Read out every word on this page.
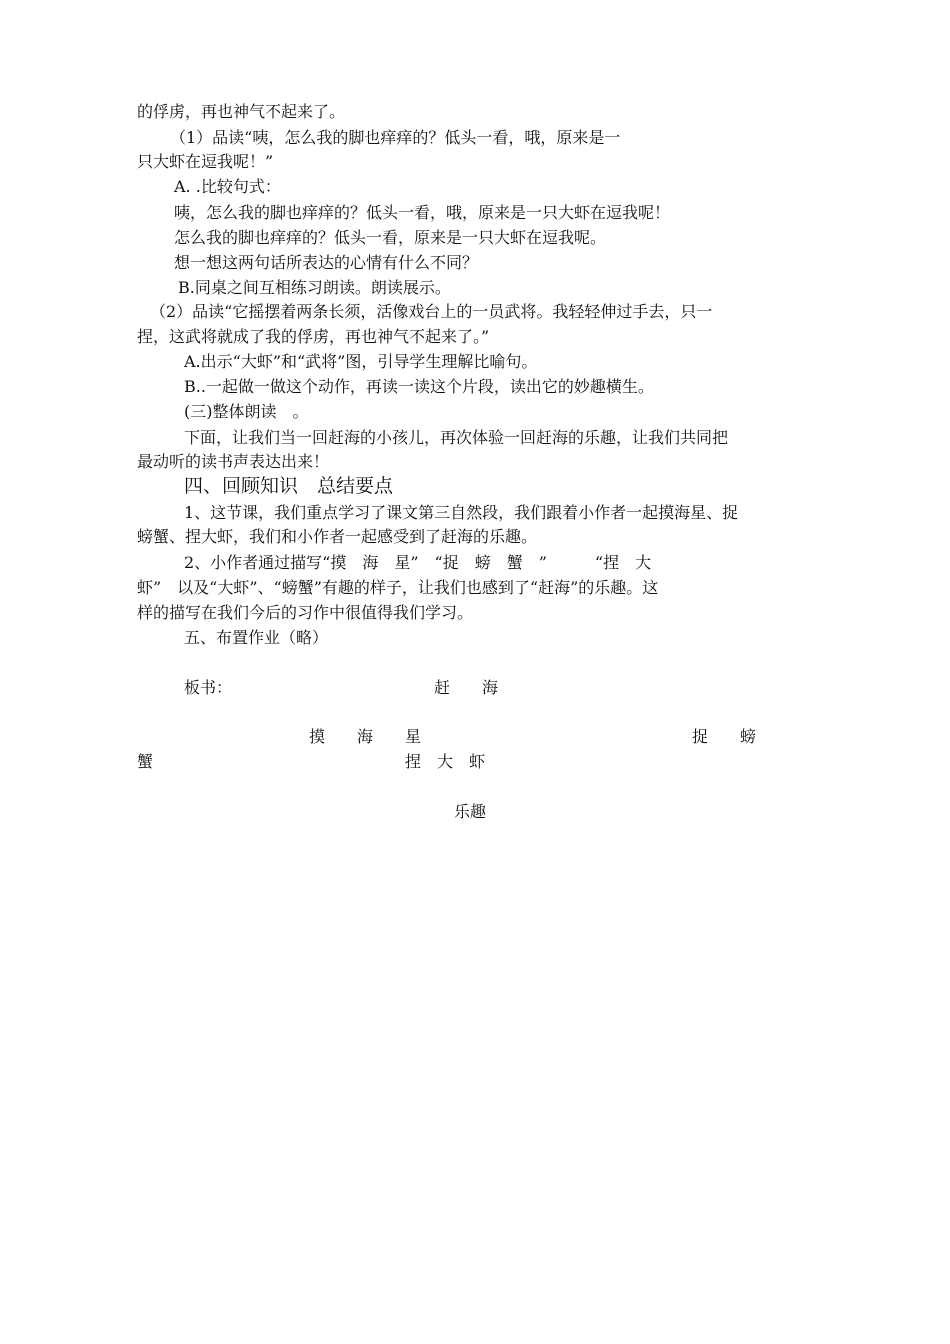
的俘虏，再也神气不起来了。
（1）品读“咦，怎么我的脚也痒痒的？低头一看，哦，原来是一
只大虾在逗我呢！”
A. .比较句式：
咦，怎么我的脚也痒痒的？低头一看，哦，原来是一只大虾在逗我呢！
怎么我的脚也痒痒的？低头一看，原来是一只大虾在逗我呢。
想一想这两句话所表达的心情有什么不同？
B.同桌之间互相练习朗读。朗读展示。
（2）品读“它摇摆着两条长须，活像戏台上的一员武将。我轻轻伸过手去，只一
捏，这武将就成了我的俘虏，再也神气不起来了。”
A.出示“大虾”和“武将”图，引导学生理解比喻句。
B..一起做一做这个动作，再读一读这个片段，读出它的妙趣横生。
(三)整体朗读　。
下面，让我们当一回赶海的小孩儿，再次体验一回赶海的乐趣，让我们共同把
最动听的读书声表达出来！
四、回顾知识　总结要点
1、这节课，我们重点学习了课文第三自然段，我们跟着小作者一起摸海星、捉
螃蟹、捏大虾，我们和小作者一起感受到了赶海的乐趣。
2、小作者通过描写“摸　海　星”　“捉　螃　蟹　”　　　“捏　大
虾”　以及“大虾”、“螃蟹”有趣的样子，让我们也感到了“赶海”的乐趣。这
样的描写在我们今后的习作中很值得我们学习。
五、布置作业（略）
板书：	赶　　海
摸　　海　　星	捉　　螃
蟹	捏　大　虾
乐趣
